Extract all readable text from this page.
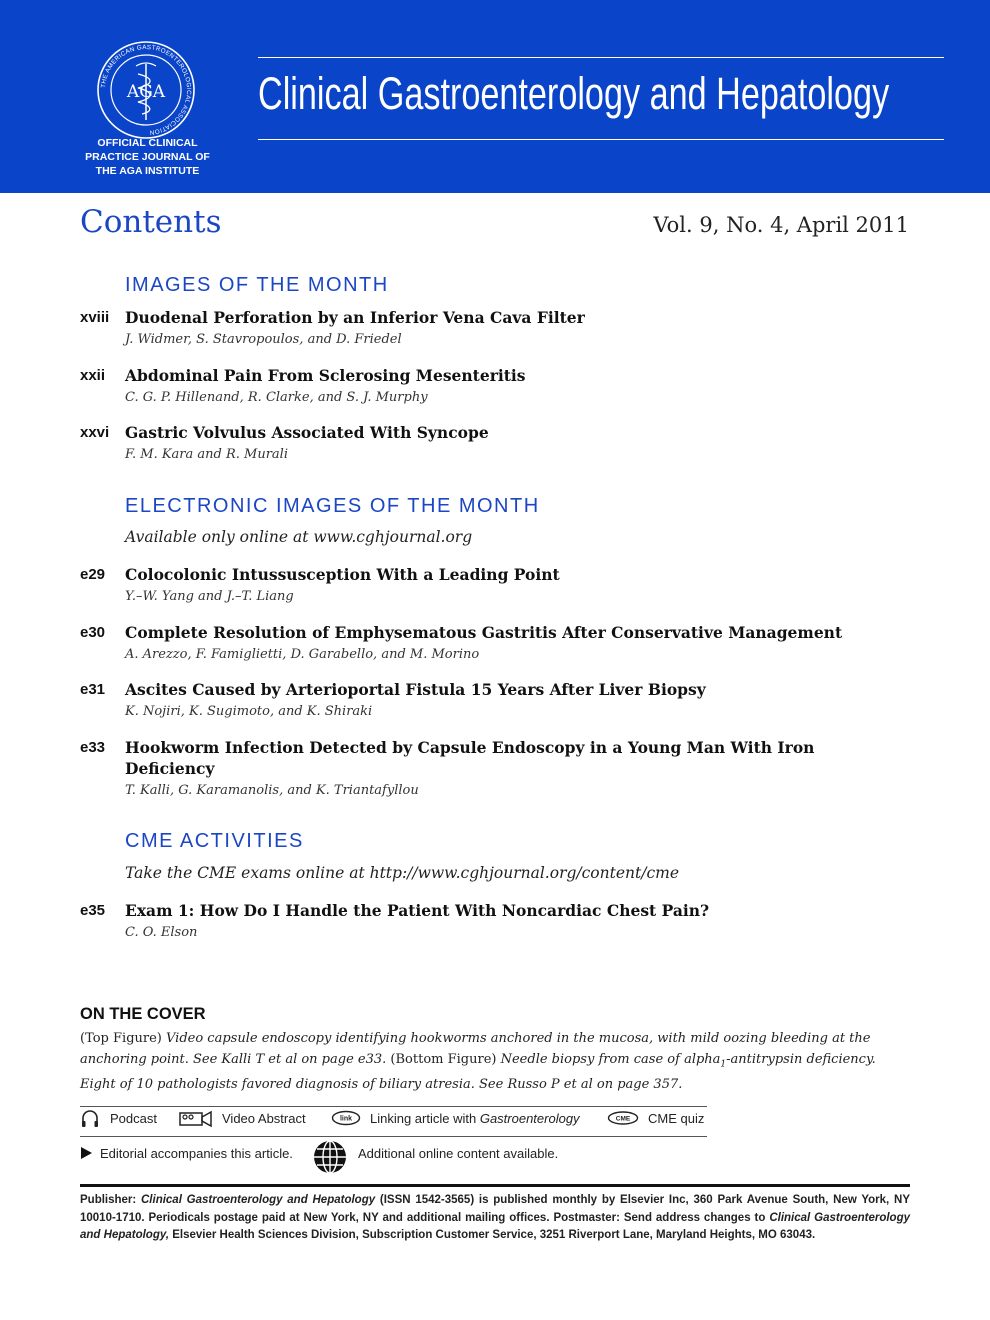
THE AMERICAN GASTROENTEROLOGICAL ASSOCIATION
AGA
OFFICIAL CLINICAL
PRACTICE JOURNAL OF
THE AGA INSTITUTE
Clinical Gastroenterology and Hepatology
Contents	Vol. 9, No. 4, April 2011
IMAGES OF THE MONTH
xviii Duodenal Perforation by an Inferior Vena Cava Filter
J. Widmer, S. Stavropoulos, and D. Friedel
xxii Abdominal Pain From Sclerosing Mesenteritis
C. G. P. Hillenand, R. Clarke, and S. J. Murphy
xxvi Gastric Volvulus Associated With Syncope
F. M. Kara and R. Murali
ELECTRONIC IMAGES OF THE MONTH
Available only online at www.cghjournal.org
e29 Colocolonic Intussusception With a Leading Point
Y.–W. Yang and J.–T. Liang
e30 Complete Resolution of Emphysematous Gastritis After Conservative Management
A. Arezzo, F. Famiglietti, D. Garabello, and M. Morino
e31 Ascites Caused by Arterioportal Fistula 15 Years After Liver Biopsy
K. Nojiri, K. Sugimoto, and K. Shiraki
e33 Hookworm Infection Detected by Capsule Endoscopy in a Young Man With Iron Deficiency
T. Kalli, G. Karamanolis, and K. Triantafyllou
CME ACTIVITIES
Take the CME exams online at http://www.cghjournal.org/content/cme
e35 Exam 1: How Do I Handle the Patient With Noncardiac Chest Pain?
C. O. Elson
ON THE COVER
(Top Figure) Video capsule endoscopy identifying hookworms anchored in the mucosa, with mild oozing bleeding at the anchoring point. See Kalli T et al on page e33. (Bottom Figure) Needle biopsy from case of alpha$_1$-antitrypsin deficiency. Eight of 10 pathologists favored diagnosis of biliary atresia. See Russo P et al on page 357.
Podcast	Video Abstract	link Linking article with Gastroenterology	CME CME quiz
Editorial accompanies this article.	Additional online content available.
Publisher: Clinical Gastroenterology and Hepatology (ISSN 1542-3565) is published monthly by Elsevier Inc, 360 Park Avenue South, New York, NY 10010-1710. Periodicals postage paid at New York, NY and additional mailing offices. Postmaster: Send address changes to Clinical Gastroenterology and Hepatology, Elsevier Health Sciences Division, Subscription Customer Service, 3251 Riverport Lane, Maryland Heights, MO 63043.
